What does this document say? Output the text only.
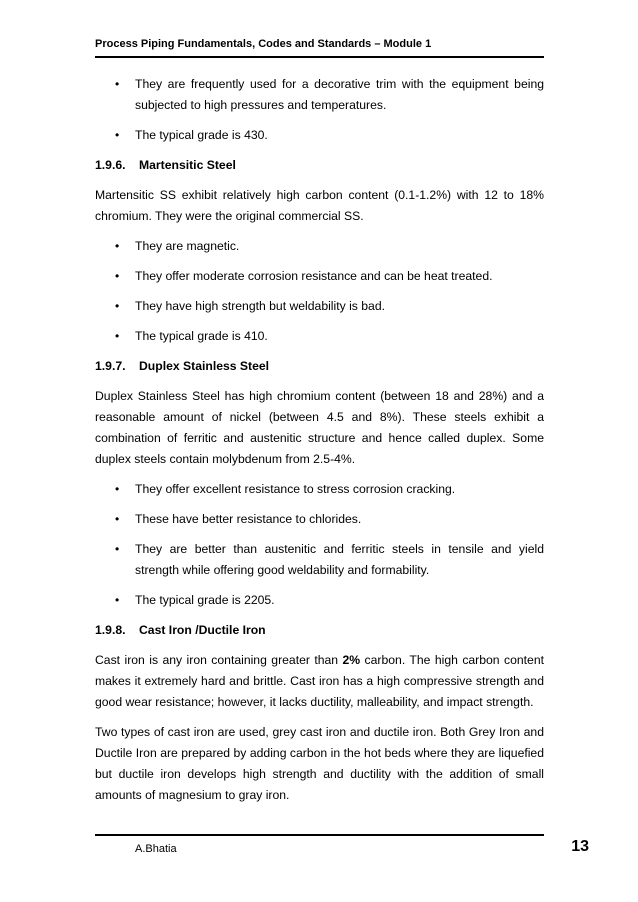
Process Piping Fundamentals, Codes and Standards – Module 1
• They are frequently used for a decorative trim with the equipment being subjected to high pressures and temperatures.
• The typical grade is 430.
1.9.6. Martensitic Steel

Martensitic SS exhibit relatively high carbon content (0.1-1.2%) with 12 to 18% chromium. They were the original commercial SS.

• They are magnetic.
• They offer moderate corrosion resistance and can be heat treated.
• They have high strength but weldability is bad.
• The typical grade is 410.
1.9.7. Duplex Stainless Steel

Duplex Stainless Steel has high chromium content (between 18 and 28%) and a reasonable amount of nickel (between 4.5 and 8%). These steels exhibit a combination of ferritic and austenitic structure and hence called duplex. Some duplex steels contain molybdenum from 2.5-4%.

• They offer excellent resistance to stress corrosion cracking.
• These have better resistance to chlorides.
• They are better than austenitic and ferritic steels in tensile and yield strength while offering good weldability and formability.
• The typical grade is 2205.
1.9.8. Cast Iron /Ductile Iron

Cast iron is any iron containing greater than 2% carbon. The high carbon content makes it extremely hard and brittle. Cast iron has a high compressive strength and good wear resistance; however, it lacks ductility, malleability, and impact strength.

Two types of cast iron are used, grey cast iron and ductile iron. Both Grey Iron and Ductile Iron are prepared by adding carbon in the hot beds where they are liquefied but ductile iron develops high strength and ductility with the addition of small amounts of magnesium to gray iron.

A.Bhatia	13
